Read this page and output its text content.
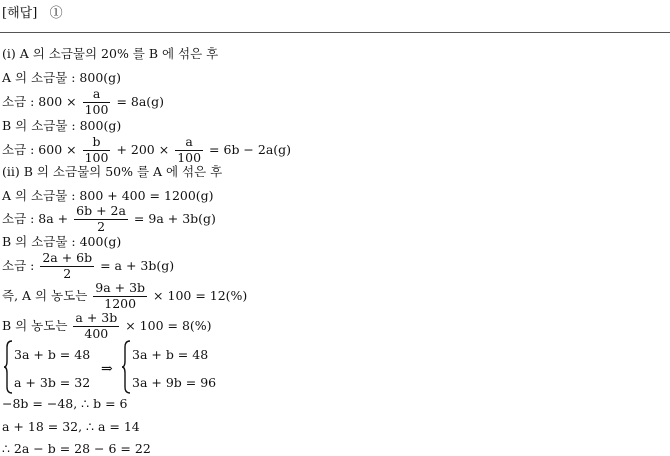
[해답] ①
(ⅰ) A 의 소금물의 20% 를 B 에 섞은 후
A 의 소금물 : 800(g)
소금 : $800 \times \frac{a}{100} = 8a(g)$
B 의 소금물 : 800(g)
소금 : $600 \times \frac{b}{100} + 200 \times \frac{a}{100} = 6b - 2a(g)$
(ⅱ) B 의 소금물의 50% 를 A 에 섞은 후
A 의 소금물 : 800 + 400 = 1200(g)
소금 : $8a + \frac{6b + 2a}{2} = 9a + 3b(g)$
B 의 소금물 : 400(g)
소금 : $\frac{2a + 6b}{2} = a + 3b(g)$
즉, A 의 농도는 $\frac{9a + 3b}{1200} \times 100 = 12(\%)$
B 의 농도는 $\frac{a + 3b}{400} \times 100 = 8(\%)$
3a + b = 48
a + 3b = 32
⇒
3a + b = 48
3a + 9b = 96
−8b = −48, ∴ b = 6
a + 18 = 32, ∴ a = 14
∴ 2a − b = 28 − 6 = 22
